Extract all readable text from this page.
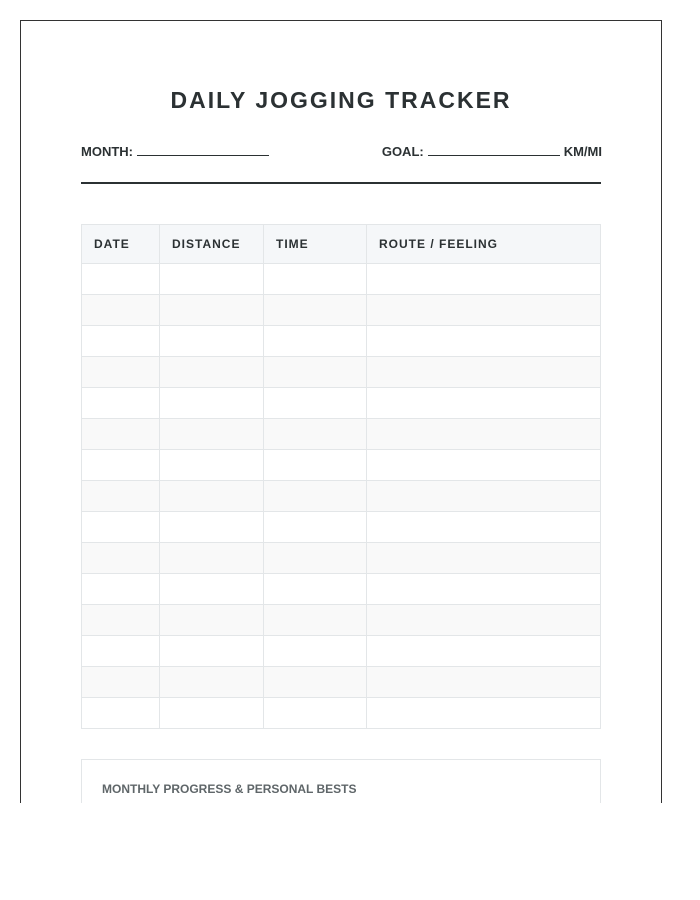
DAILY JOGGING TRACKER
MONTH:	GOAL:	KM/MI
DATE	DISTANCE	TIME	ROUTE / FEELING

MONTHLY PROGRESS & PERSONAL BESTS
